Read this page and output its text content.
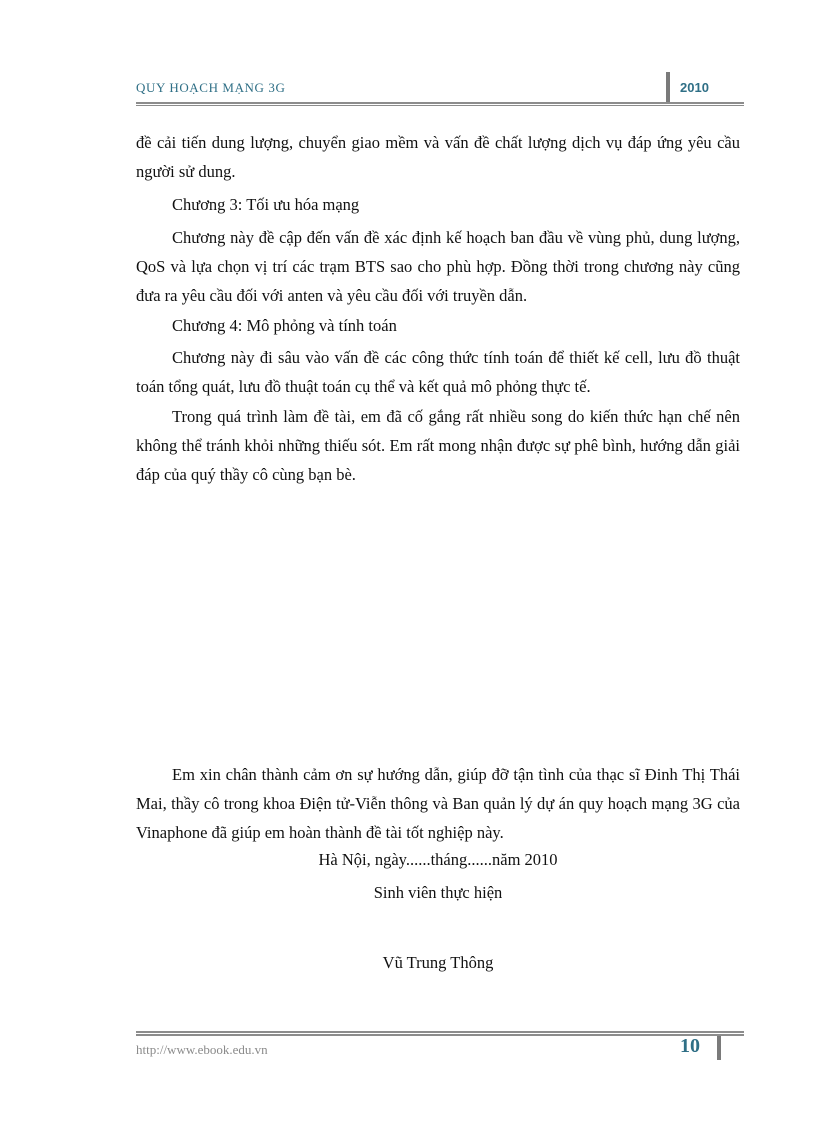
QUY HOẠCH MẠNG 3G	2010

đề cải tiến dung lượng, chuyển giao mềm và vấn đề chất lượng dịch vụ đáp ứng yêu cầu người sử dung.

Chương 3: Tối ưu hóa mạng

Chương này đề cập đến vấn đề xác định kế hoạch ban đầu về vùng phủ, dung lượng, QoS và lựa chọn vị trí các trạm BTS sao cho phù hợp. Đồng thời trong chương này cũng đưa ra yêu cầu đối với anten và yêu cầu đối với truyền dẫn.

Chương 4: Mô phỏng và tính toán

Chương này đi sâu vào vấn đề các công thức tính toán để thiết kế cell, lưu đồ thuật toán tổng quát, lưu đồ thuật toán cụ thể và kết quả mô phỏng thực tế.

Trong quá trình làm đề tài, em đã cố gắng rất nhiều song do kiến thức hạn chế nên không thể tránh khỏi những thiếu sót. Em rất mong nhận được sự phê bình, hướng dẫn giải đáp của quý thầy cô cùng bạn bè.

Em xin chân thành cảm ơn sự hướng dẫn, giúp đỡ tận tình của thạc sĩ Đinh Thị Thái Mai, thầy cô trong khoa Điện tử-Viễn thông và Ban quản lý dự án quy hoạch mạng 3G của Vinaphone đã giúp em hoàn thành đề tài tốt nghiệp này.

Hà Nội, ngày......tháng......năm 2010

Sinh viên thực hiện

Vũ Trung Thông

http://www.ebook.edu.vn	10
